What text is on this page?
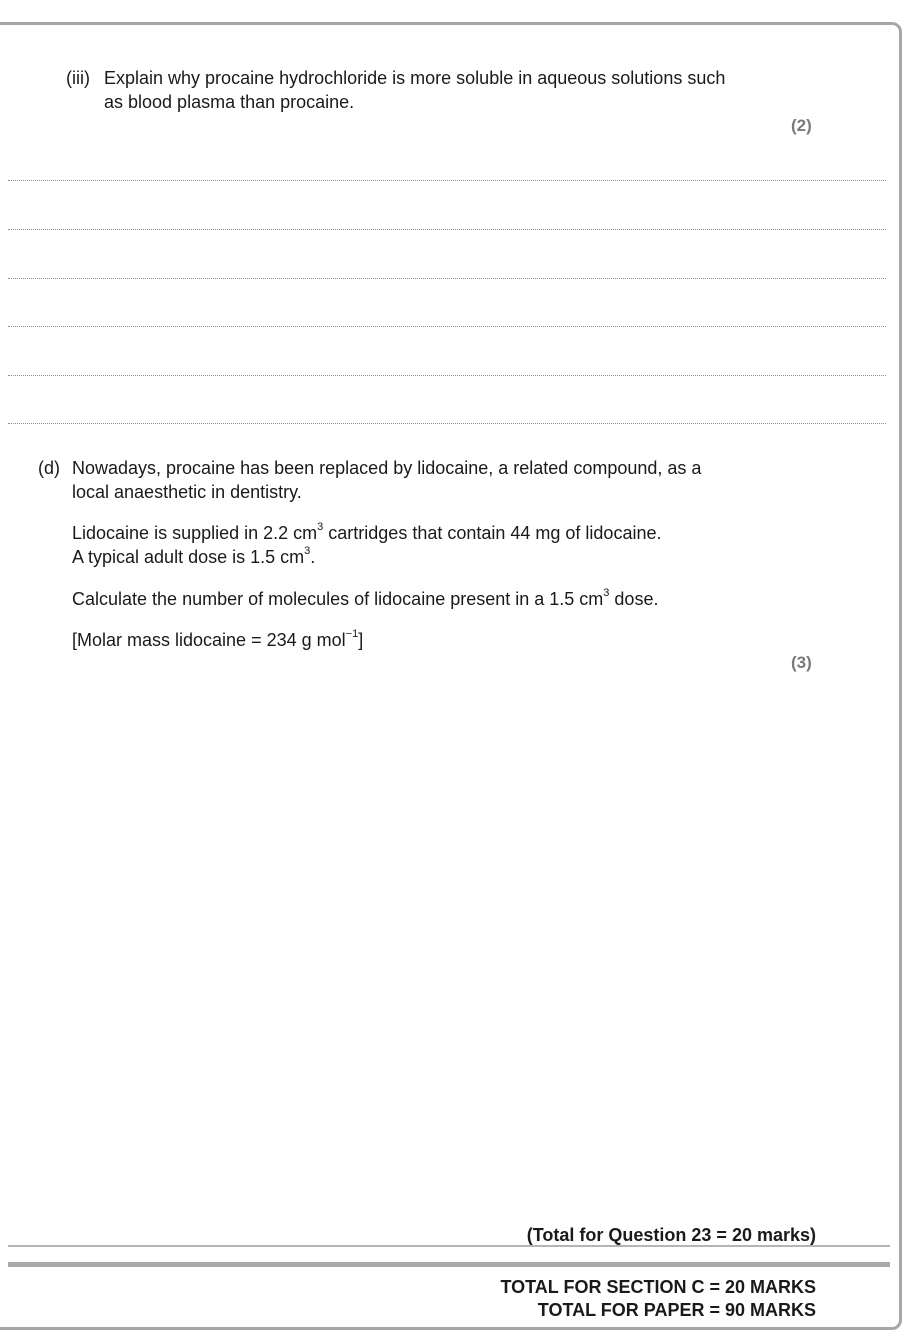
(iii) Explain why procaine hydrochloride is more soluble in aqueous solutions such
as blood plasma than procaine.
(2)
(d) Nowadays, procaine has been replaced by lidocaine, a related compound, as a
local anaesthetic in dentistry.
Lidocaine is supplied in 2.2 $cm^3$ cartridges that contain 44 mg of lidocaine.
A typical adult dose is 1.5 $cm^3$.
Calculate the number of molecules of lidocaine present in a 1.5 $cm^3$ dose.
[Molar mass lidocaine = 234 g mol$^{-1}$]
(3)
(Total for Question 23 = 20 marks)
TOTAL FOR SECTION C = 20 MARKS
TOTAL FOR PAPER = 90 MARKS
